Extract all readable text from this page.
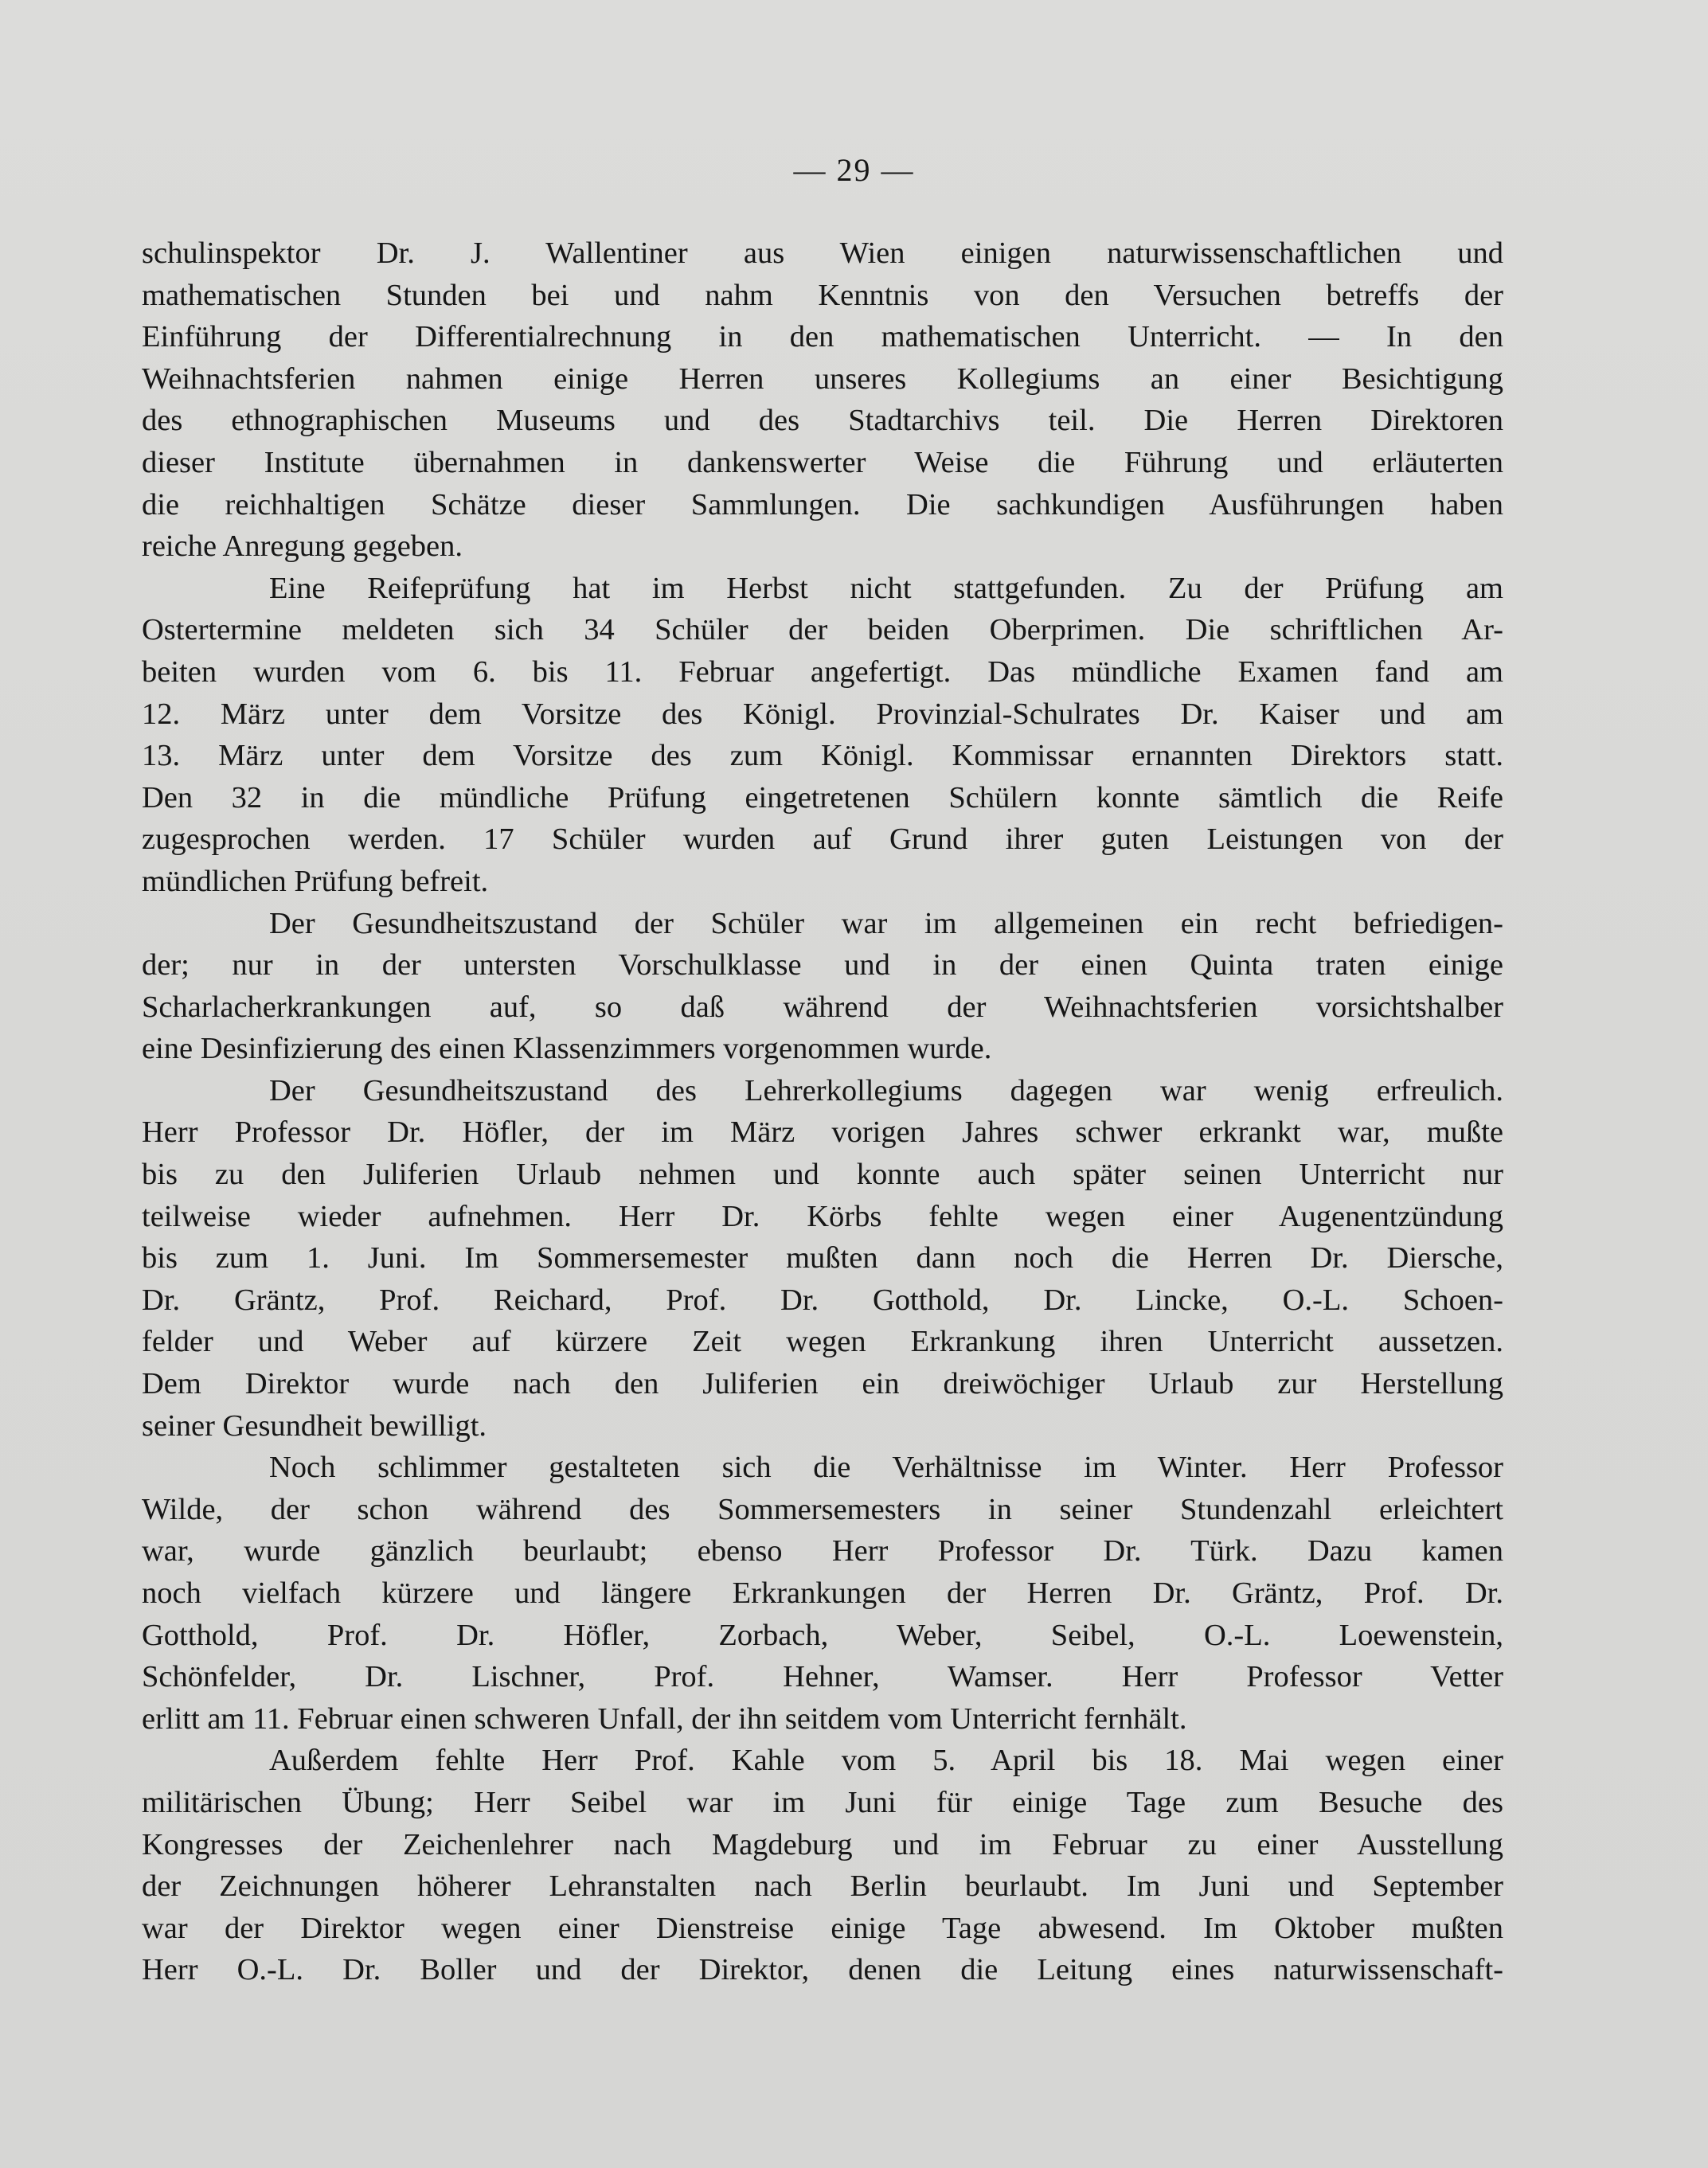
— 29 —
schulinspektor Dr. J. Wallentiner aus Wien einigen naturwissenschaftlichen und
mathematischen Stunden bei und nahm Kenntnis von den Versuchen betreffs der
Einführung der Differentialrechnung in den mathematischen Unterricht. — In den
Weihnachtsferien nahmen einige Herren unseres Kollegiums an einer Besichtigung
des ethnographischen Museums und des Stadtarchivs teil. Die Herren Direktoren
dieser Institute übernahmen in dankenswerter Weise die Führung und erläuterten
die reichhaltigen Schätze dieser Sammlungen. Die sachkundigen Ausführungen haben
reiche Anregung gegeben.
Eine Reifeprüfung hat im Herbst nicht stattgefunden. Zu der Prüfung am
Ostertermine meldeten sich 34 Schüler der beiden Oberprimen. Die schriftlichen Ar-
beiten wurden vom 6. bis 11. Februar angefertigt. Das mündliche Examen fand am
12. März unter dem Vorsitze des Königl. Provinzial-Schulrates Dr. Kaiser und am
13. März unter dem Vorsitze des zum Königl. Kommissar ernannten Direktors statt.
Den 32 in die mündliche Prüfung eingetretenen Schülern konnte sämtlich die Reife
zugesprochen werden. 17 Schüler wurden auf Grund ihrer guten Leistungen von der
mündlichen Prüfung befreit.
Der Gesundheitszustand der Schüler war im allgemeinen ein recht befriedigen-
der; nur in der untersten Vorschulklasse und in der einen Quinta traten einige
Scharlacherkrankungen auf, so daß während der Weihnachtsferien vorsichtshalber
eine Desinfizierung des einen Klassenzimmers vorgenommen wurde.
Der Gesundheitszustand des Lehrerkollegiums dagegen war wenig erfreulich.
Herr Professor Dr. Höfler, der im März vorigen Jahres schwer erkrankt war, mußte
bis zu den Juliferien Urlaub nehmen und konnte auch später seinen Unterricht nur
teilweise wieder aufnehmen. Herr Dr. Körbs fehlte wegen einer Augenentzündung
bis zum 1. Juni. Im Sommersemester mußten dann noch die Herren Dr. Diersche,
Dr. Gräntz, Prof. Reichard, Prof. Dr. Gotthold, Dr. Lincke, O.-L. Schoen-
felder und Weber auf kürzere Zeit wegen Erkrankung ihren Unterricht aussetzen.
Dem Direktor wurde nach den Juliferien ein dreiwöchiger Urlaub zur Herstellung
seiner Gesundheit bewilligt.
Noch schlimmer gestalteten sich die Verhältnisse im Winter. Herr Professor
Wilde, der schon während des Sommersemesters in seiner Stundenzahl erleichtert
war, wurde gänzlich beurlaubt; ebenso Herr Professor Dr. Türk. Dazu kamen
noch vielfach kürzere und längere Erkrankungen der Herren Dr. Gräntz, Prof. Dr.
Gotthold, Prof. Dr. Höfler, Zorbach, Weber, Seibel, O.-L. Loewenstein,
Schönfelder, Dr. Lischner, Prof. Hehner, Wamser. Herr Professor Vetter
erlitt am 11. Februar einen schweren Unfall, der ihn seitdem vom Unterricht fernhält.
Außerdem fehlte Herr Prof. Kahle vom 5. April bis 18. Mai wegen einer
militärischen Übung; Herr Seibel war im Juni für einige Tage zum Besuche des
Kongresses der Zeichenlehrer nach Magdeburg und im Februar zu einer Ausstellung
der Zeichnungen höherer Lehranstalten nach Berlin beurlaubt. Im Juni und September
war der Direktor wegen einer Dienstreise einige Tage abwesend. Im Oktober mußten
Herr O.-L. Dr. Boller und der Direktor, denen die Leitung eines naturwissenschaft-
